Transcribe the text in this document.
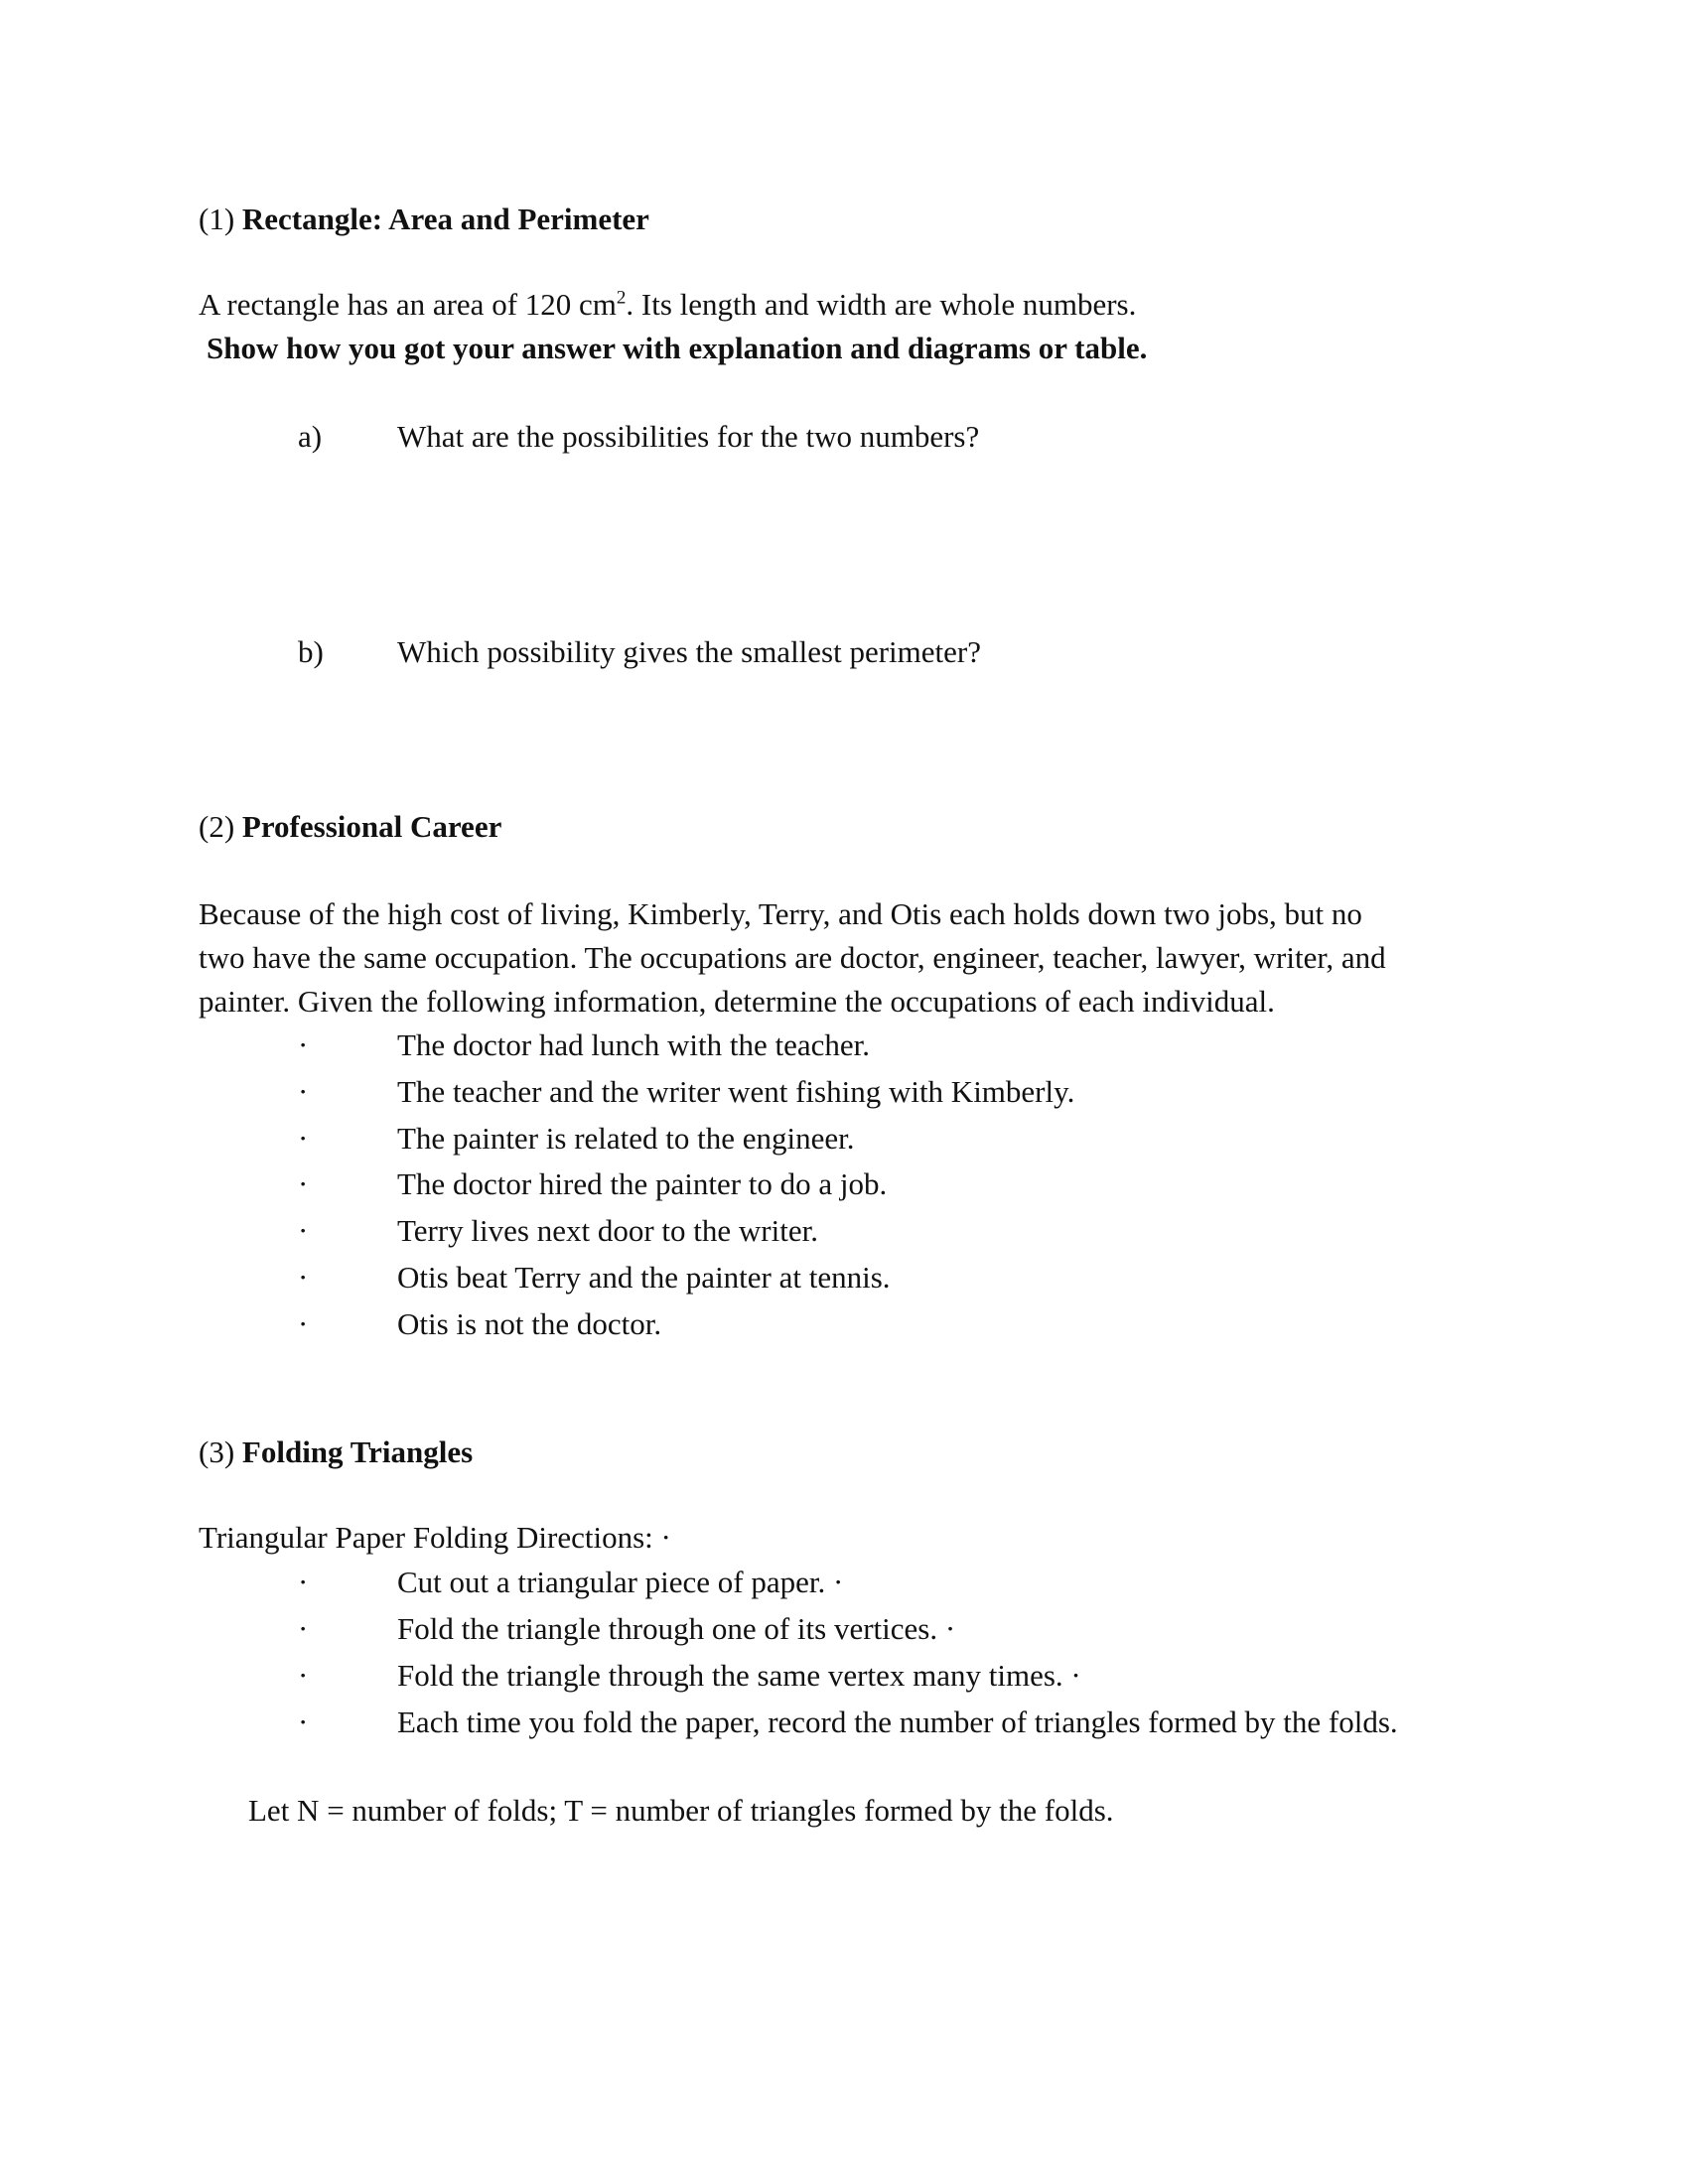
(1) Rectangle: Area and Perimeter
A rectangle has an area of 120 $cm^2$. Its length and width are whole numbers.
Show how you got your answer with explanation and diagrams or table.
a) What are the possibilities for the two numbers?
b) Which possibility gives the smallest perimeter?
(2) Professional Career
Because of the high cost of living, Kimberly, Terry, and Otis each holds down two jobs, but no
two have the same occupation. The occupations are doctor, engineer, teacher, lawyer, writer, and
painter. Given the following information, determine the occupations of each individual.
·	The doctor had lunch with the teacher.
·	The teacher and the writer went fishing with Kimberly.
·	The painter is related to the engineer.
·	The doctor hired the painter to do a job.
·	Terry lives next door to the writer.
·	Otis beat Terry and the painter at tennis.
·	Otis is not the doctor.
(3) Folding Triangles
Triangular Paper Folding Directions: ·
·	Cut out a triangular piece of paper. ·
·	Fold the triangle through one of its vertices. ·
·	Fold the triangle through the same vertex many times. ·
·	Each time you fold the paper, record the number of triangles formed by the folds.
Let N = number of folds; T = number of triangles formed by the folds.
